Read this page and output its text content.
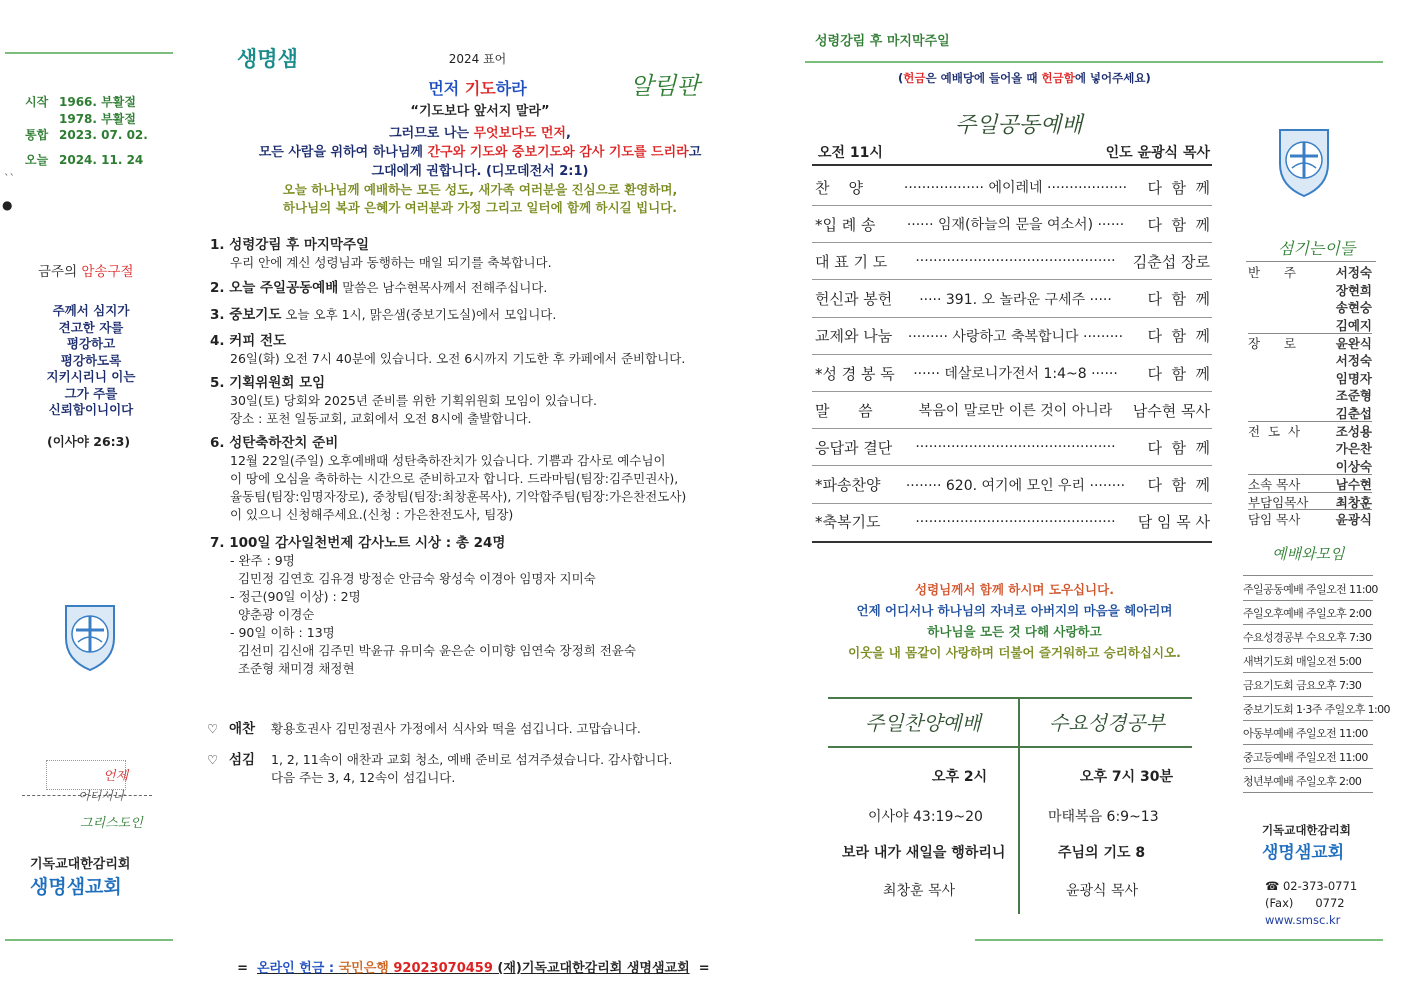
시작 1966. 부활절
1978. 부활절
통합 2023. 07. 02.
오늘 2024. 11. 24
``
●
금주의 암송구절
주께서 심지가
견고한 자를
평강하고
평강하도록
지키시리니 이는
그가 주를
신뢰함이니이다
(이사야 26:3)
언제
어디서나
그리스도인
기독교대한감리회
생명샘교회
생명샘	2024 표어
먼저 기도하라
“기도보다 앞서지 말라”
알림판
그러므로 나는 무엇보다도 먼저,
모든 사람을 위하여 하나님께 간구와 기도와 중보기도와 감사 기도를 드리라고
그대에게 권합니다. (디모데전서 2:1)
오늘 하나님께 예배하는 모든 성도, 새가족 여러분을 진심으로 환영하며,
하나님의 복과 은혜가 여러분과 가정 그리고 일터에 함께 하시길 빕니다.
1. 성령강림 후 마지막주일
우리 안에 계신 성령님과 동행하는 매일 되기를 축복합니다.
2. 오늘 주일공동예배 말씀은 남수현목사께서 전해주십니다.
3. 중보기도 오늘 오후 1시, 맑은샘(중보기도실)에서 모입니다.
4. 커피 전도
26일(화) 오전 7시 40분에 있습니다. 오전 6시까지 기도한 후 카페에서 준비합니다.
5. 기획위원회 모임
30일(토) 당회와 2025년 준비를 위한 기획위원회 모임이 있습니다.
장소 : 포천 일동교회, 교회에서 오전 8시에 출발합니다.
6. 성탄축하잔치 준비
12월 22일(주일) 오후예배때 성탄축하잔치가 있습니다. 기쁨과 감사로 예수님이
이 땅에 오심을 축하하는 시간으로 준비하고자 합니다. 드라마팀(팀장:김주민권사),
율동팀(팀장:임명자장로), 중창팀(팀장:최창훈목사), 기악합주팀(팀장:가은찬전도사)
이 있으니 신청해주세요.(신청 : 가은찬전도사, 팀장)
7. 100일 감사일천번제 감사노트 시상 : 총 24명
- 완주 : 9명
김민정 김연호 김유경 방정순 안금숙 왕성숙 이경아 임명자 지미숙
- 정근(90일 이상) : 2명
양춘광 이경순
- 90일 이하 : 13명
김선미 김신애 김주민 박윤규 유미숙 윤은순 이미향 임연숙 장정희 전윤숙
조준형 채미경 채정현
♡ 애찬	황용호권사 김민정권사 가정에서 식사와 떡을 섬깁니다. 고맙습니다.
♡ 섬김	1, 2, 11속이 애찬과 교회 청소, 예배 준비로 섬겨주셨습니다. 감사합니다.
다음 주는 3, 4, 12속이 섬깁니다.

= 온라인 헌금 : 국민은행 92023070459 (재)기독교대한감리회 생명샘교회 =

성령강림 후 마지막주일
(헌금은 예배당에 들어올 때 헌금함에 넣어주세요)
주일공동예배
오전 11시	인도 윤광식 목사
찬    양	·················· 에이레네 ··················	다  함  께
*입 례 송	······ 임재(하늘의 문을 여소서) ······	다  함  께
대 표 기 도	·············································	김춘섭 장로
헌신과 봉헌	····· 391. 오 놀라운 구세주 ·····	다  함  께
교제와 나눔	········· 사랑하고 축복합니다 ·········	다  함  께
*성 경 봉 독	······ 데살로니가전서 1:4~8 ······	다  함  께
말      씀	복음이 말로만 이른 것이 아니라	남수현 목사
응답과 결단	·············································	다  함  께
*파송찬양	········ 620. 여기에 모인 우리 ········	다  함  께
*축복기도	·············································	담 임 목 사
성령님께서 함께 하시며 도우십니다.
언제 어디서나 하나님의 자녀로 아버지의 마음을 헤아리며
하나님을 모든 것 다해 사랑하고
이웃을 내 몸같이 사랑하며 더불어 즐거워하고 승리하십시오.
주일찬양예배	수요성경공부
오후 2시
이사야 43:19~20
보라 내가 새일을 행하리니
최창훈 목사
오후 7시 30분
마태복음 6:9~13
주님의 기도 8
윤광식 목사
섬기는이들
반      주	서정숙
장현희
송현숭
김예지
장      로	윤완식
서정숙
임명자
조준형
김춘섭
전  도  사	조성용
가은찬
이상숙
소속 목사	남수현
부담임목사	최창훈
담임 목사	윤광식
예배와모임
주일공동예배 주일오전 11:00
주일오후예배 주일오후 2:00
수요성경공부 수요오후 7:30
새벽기도회 매일오전 5:00
금요기도회 금요오후 7:30
중보기도회 1·3주 주일오후 1:00
아동부예배 주일오전 11:00
중고등예배 주일오전 11:00
청년부예배 주일오후 2:00
기독교대한감리회
생명샘교회
☎ 02-373-0771
(Fax)      0772
www.smsc.kr
